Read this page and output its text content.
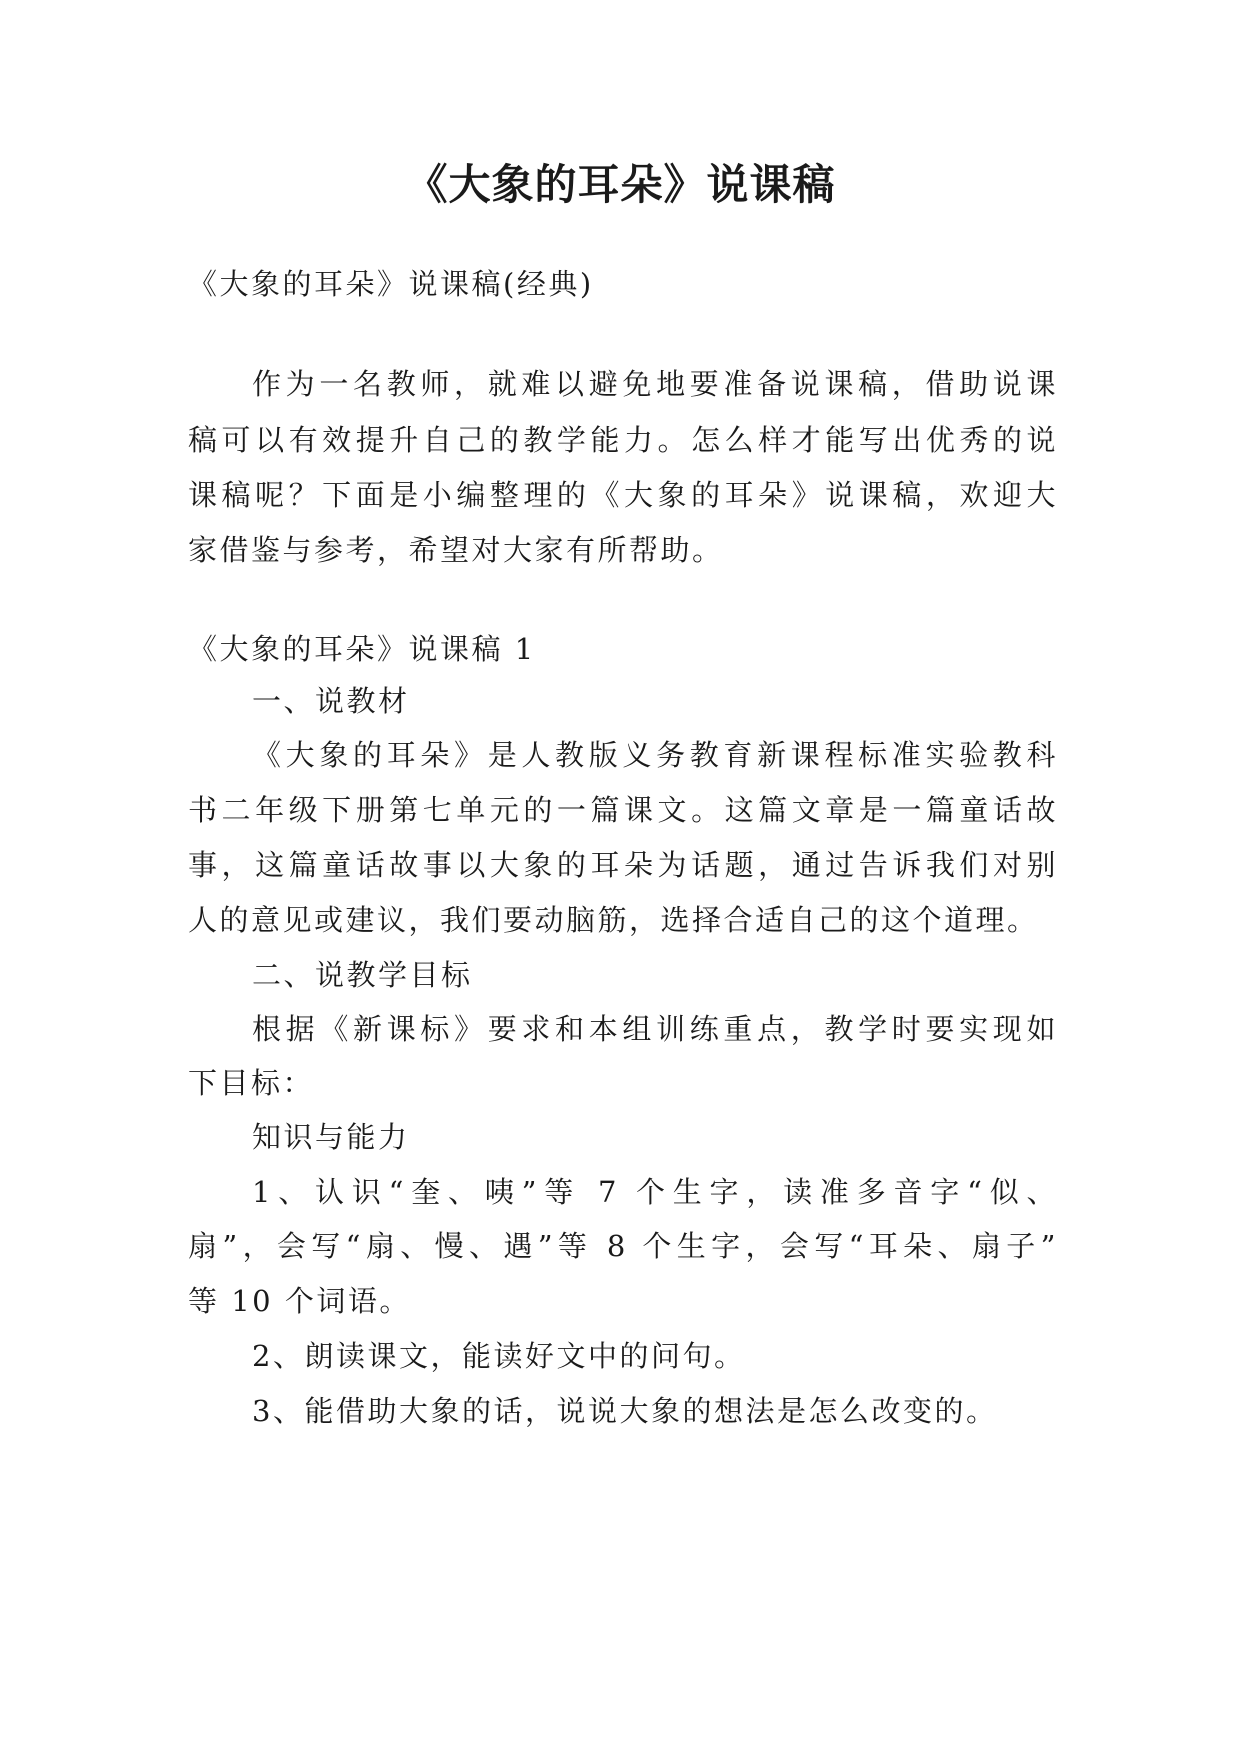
《大象的耳朵》说课稿
《大象的耳朵》说课稿(经典)
作为一名教师，就难以避免地要准备说课稿，借助说课
稿可以有效提升自己的教学能力。怎么样才能写出优秀的说
课稿呢？下面是小编整理的《大象的耳朵》说课稿，欢迎大
家借鉴与参考，希望对大家有所帮助。
《大象的耳朵》说课稿 1
一、说教材
《大象的耳朵》是人教版义务教育新课程标准实验教科
书二年级下册第七单元的一篇课文。这篇文章是一篇童话故
事，这篇童话故事以大象的耳朵为话题，通过告诉我们对别
人的意见或建议，我们要动脑筋，选择合适自己的这个道理。
二、说教学目标
根据《新课标》要求和本组训练重点，教学时要实现如
下目标：
知识与能力
1、认识“奎、咦”等 7 个生字，读准多音字“似、
扇”，会写“扇、慢、遇”等 8 个生字，会写“耳朵、扇子”
等 10 个词语。
2、朗读课文，能读好文中的问句。
3、能借助大象的话，说说大象的想法是怎么改变的。
